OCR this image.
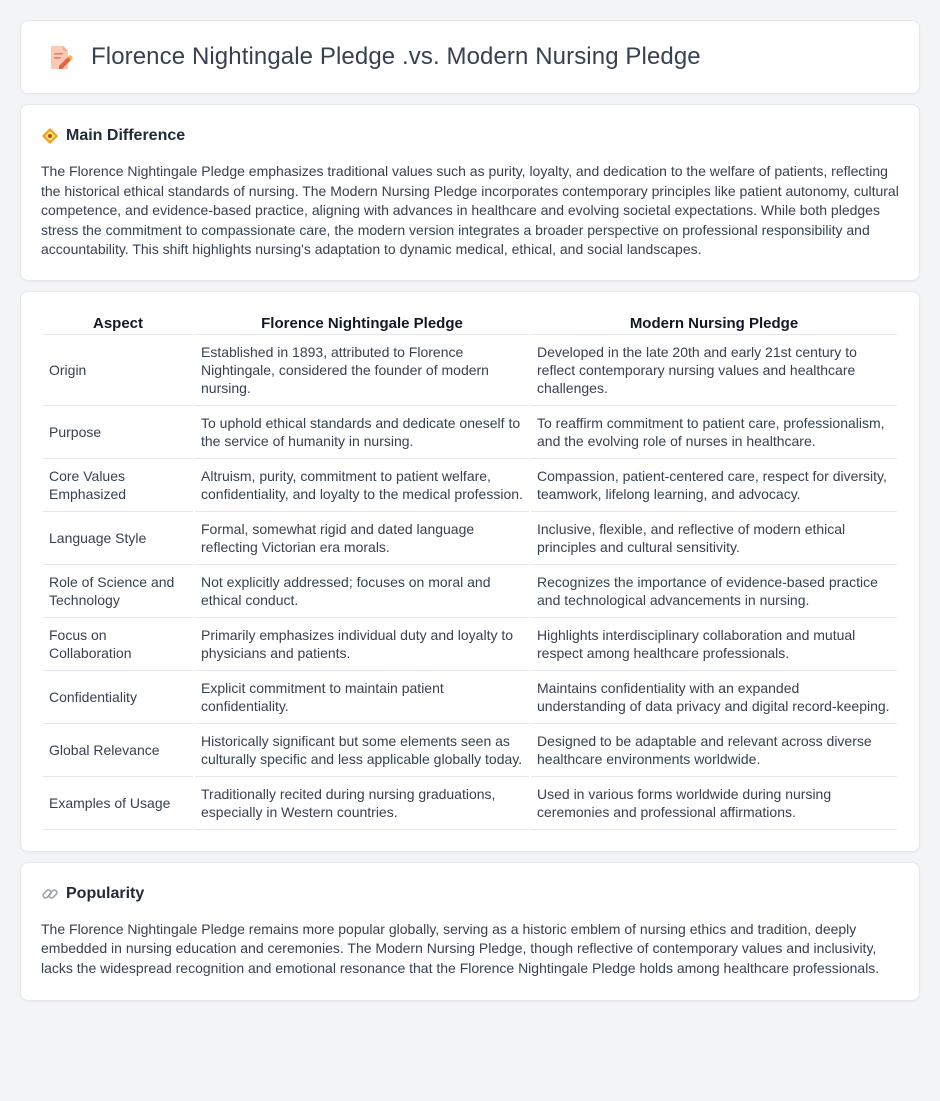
Florence Nightingale Pledge .vs. Modern Nursing Pledge
Main Difference

The Florence Nightingale Pledge emphasizes traditional values such as purity, loyalty, and dedication to the welfare of patients, reflecting the historical ethical standards of nursing. The Modern Nursing Pledge incorporates contemporary principles like patient autonomy, cultural competence, and evidence-based practice, aligning with advances in healthcare and evolving societal expectations. While both pledges stress the commitment to compassionate care, the modern version integrates a broader perspective on professional responsibility and accountability. This shift highlights nursing's adaptation to dynamic medical, ethical, and social landscapes.

Aspect	Florence Nightingale Pledge	Modern Nursing Pledge
Origin	Established in 1893, attributed to Florence Nightingale, considered the founder of modern nursing.	Developed in the late 20th and early 21st century to reflect contemporary nursing values and healthcare challenges.
Purpose	To uphold ethical standards and dedicate oneself to the service of humanity in nursing.	To reaffirm commitment to patient care, professionalism, and the evolving role of nurses in healthcare.
Core Values Emphasized	Altruism, purity, commitment to patient welfare, confidentiality, and loyalty to the medical profession.	Compassion, patient-centered care, respect for diversity, teamwork, lifelong learning, and advocacy.
Language Style	Formal, somewhat rigid and dated language reflecting Victorian era morals.	Inclusive, flexible, and reflective of modern ethical principles and cultural sensitivity.
Role of Science and Technology	Not explicitly addressed; focuses on moral and ethical conduct.	Recognizes the importance of evidence-based practice and technological advancements in nursing.
Focus on Collaboration	Primarily emphasizes individual duty and loyalty to physicians and patients.	Highlights interdisciplinary collaboration and mutual respect among healthcare professionals.
Confidentiality	Explicit commitment to maintain patient confidentiality.	Maintains confidentiality with an expanded understanding of data privacy and digital record-keeping.
Global Relevance	Historically significant but some elements seen as culturally specific and less applicable globally today.	Designed to be adaptable and relevant across diverse healthcare environments worldwide.
Examples of Usage	Traditionally recited during nursing graduations, especially in Western countries.	Used in various forms worldwide during nursing ceremonies and professional affirmations.
Popularity

The Florence Nightingale Pledge remains more popular globally, serving as a historic emblem of nursing ethics and tradition, deeply embedded in nursing education and ceremonies. The Modern Nursing Pledge, though reflective of contemporary values and inclusivity, lacks the widespread recognition and emotional resonance that the Florence Nightingale Pledge holds among healthcare professionals.
